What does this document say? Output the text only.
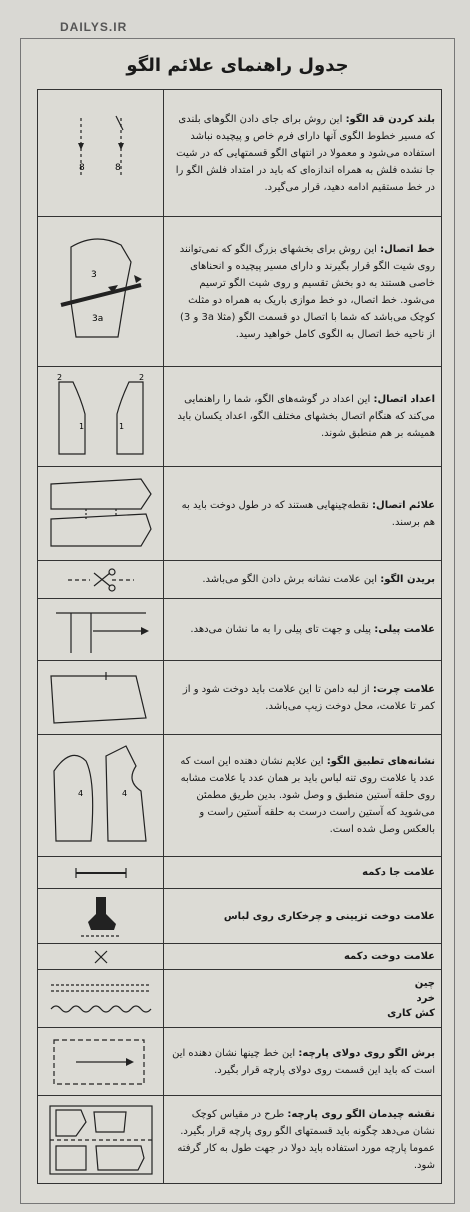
DAILYS.IR
جدول راهنمای علائم الگو
8 8	بلند کردن قد الگو: این روش برای جای دادن الگوهای بلندی که مسیر خطوط الگوی آنها دارای فرم خاص و پیچیده نباشد استفاده می‌شود و معمولا در انتهای الگو قسمتهایی که در شیت جا نشده فلش به همراه اندازه‌ای که باید در امتداد فلش الگو را در خط مستقیم ادامه دهید، قرار می‌گیرد.

3
3a	خط اتصال: این روش برای بخشهای بزرگ الگو که نمی‌توانند روی شیت الگو قرار بگیرند و دارای مسیر پیچیده و انحناهای خاصی هستند به دو بخش تقسیم و روی شیت الگو ترسیم می‌شود. خط اتصال، دو خط موازی باریک به همراه دو مثلث کوچک می‌باشد که شما با اتصال دو قسمت الگو (مثلا 3a و 3) از ناحیه خط اتصال به الگوی کامل خواهید رسید.

2 2
1 1	اعداد اتصال: این اعداد در گوشه‌های الگو، شما را راهنمایی می‌کند که هنگام اتصال بخشهای مختلف الگو، اعداد یکسان باید همیشه بر هم منطبق شوند.

	علائم اتصال: نقطه‌چینهایی هستند که در طول دوخت باید به هم برسند.

	بریدن الگو: این علامت نشانه برش دادن الگو می‌باشد.

	علامت پیلی: پیلی و جهت تای پیلی را به ما نشان می‌دهد.

	علامت چرت: از لبه دامن تا این علامت باید دوخت شود و از کمر تا علامت، محل دوخت زیپ می‌باشد.

4 4	نشانه‌های تطبیق الگو: این علایم نشان دهنده این است که عدد یا علامت روی تنه لباس باید بر همان عدد یا علامت مشابه روی حلقه آستین منطبق و وصل شود. بدین طریق مطمئن می‌شوید که آستین راست درست به حلقه آستین راست و بالعکس وصل شده است.

	علامت جا دکمه

	علامت دوخت تزیینی و چرخکاری روی لباس

	علامت دوخت دکمه

	چین
خرد
کش کاری

	برش الگو روی دولای پارچه: این خط چینها نشان دهنده این است که باید این قسمت روی دولای پارچه قرار بگیرد.

	نقشه چیدمان الگو روی پارچه: طرح در مقیاس کوچک نشان می‌دهد چگونه باید قسمتهای الگو روی پارچه قرار بگیرد. عموما پارچه مورد استفاده باید دولا در جهت طول به کار گرفته شود.
